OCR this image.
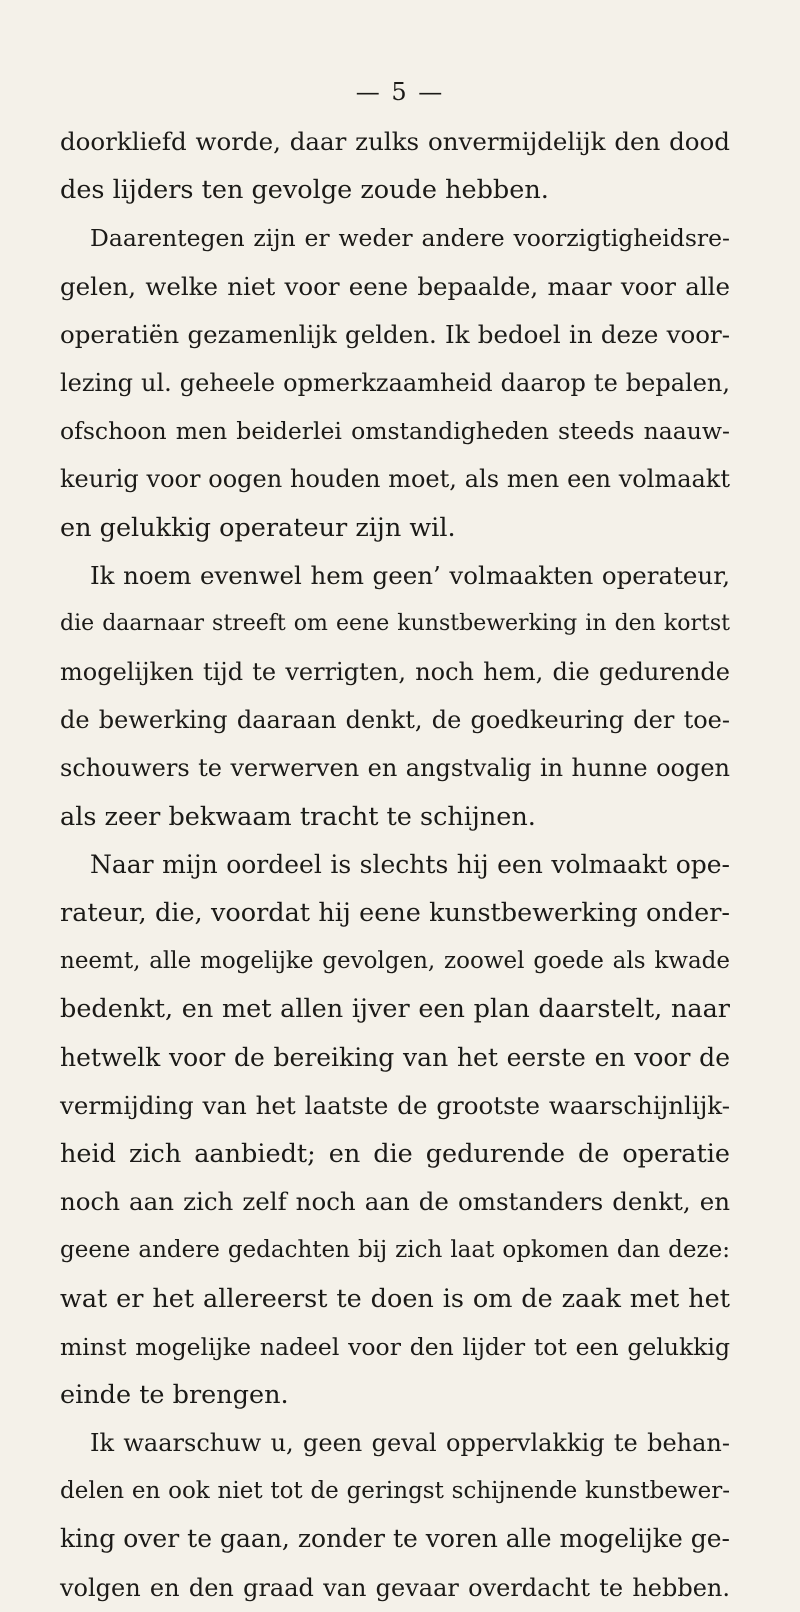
— 5 —
doorkliefd worde, daar zulks onvermijdelijk den dood
des lijders ten gevolge zoude hebben.
Daarentegen zijn er weder andere voorzigtigheidsre-
gelen, welke niet voor eene bepaalde, maar voor alle
operatiën gezamenlijk gelden. Ik bedoel in deze voor-
lezing ul. geheele opmerkzaamheid daarop te bepalen,
ofschoon men beiderlei omstandigheden steeds naauw-
keurig voor oogen houden moet, als men een volmaakt
en gelukkig operateur zijn wil.
Ik noem evenwel hem geen’ volmaakten operateur,
die daarnaar streeft om eene kunstbewerking in den kortst
mogelijken tijd te verrigten, noch hem, die gedurende
de bewerking daaraan denkt, de goedkeuring der toe-
schouwers te verwerven en angstvalig in hunne oogen
als zeer bekwaam tracht te schijnen.
Naar mijn oordeel is slechts hij een volmaakt ope-
rateur, die, voordat hij eene kunstbewerking onder-
neemt, alle mogelijke gevolgen, zoowel goede als kwade
bedenkt, en met allen ijver een plan daarstelt, naar
hetwelk voor de bereiking van het eerste en voor de
vermijding van het laatste de grootste waarschijnlijk-
heid zich aanbiedt; en die gedurende de operatie
noch aan zich zelf noch aan de omstanders denkt, en
geene andere gedachten bij zich laat opkomen dan deze:
wat er het allereerst te doen is om de zaak met het
minst mogelijke nadeel voor den lijder tot een gelukkig
einde te brengen.
Ik waarschuw u, geen geval oppervlakkig te behan-
delen en ook niet tot de geringst schijnende kunstbewer-
king over te gaan, zonder te voren alle mogelijke ge-
volgen en den graad van gevaar overdacht te hebben.
